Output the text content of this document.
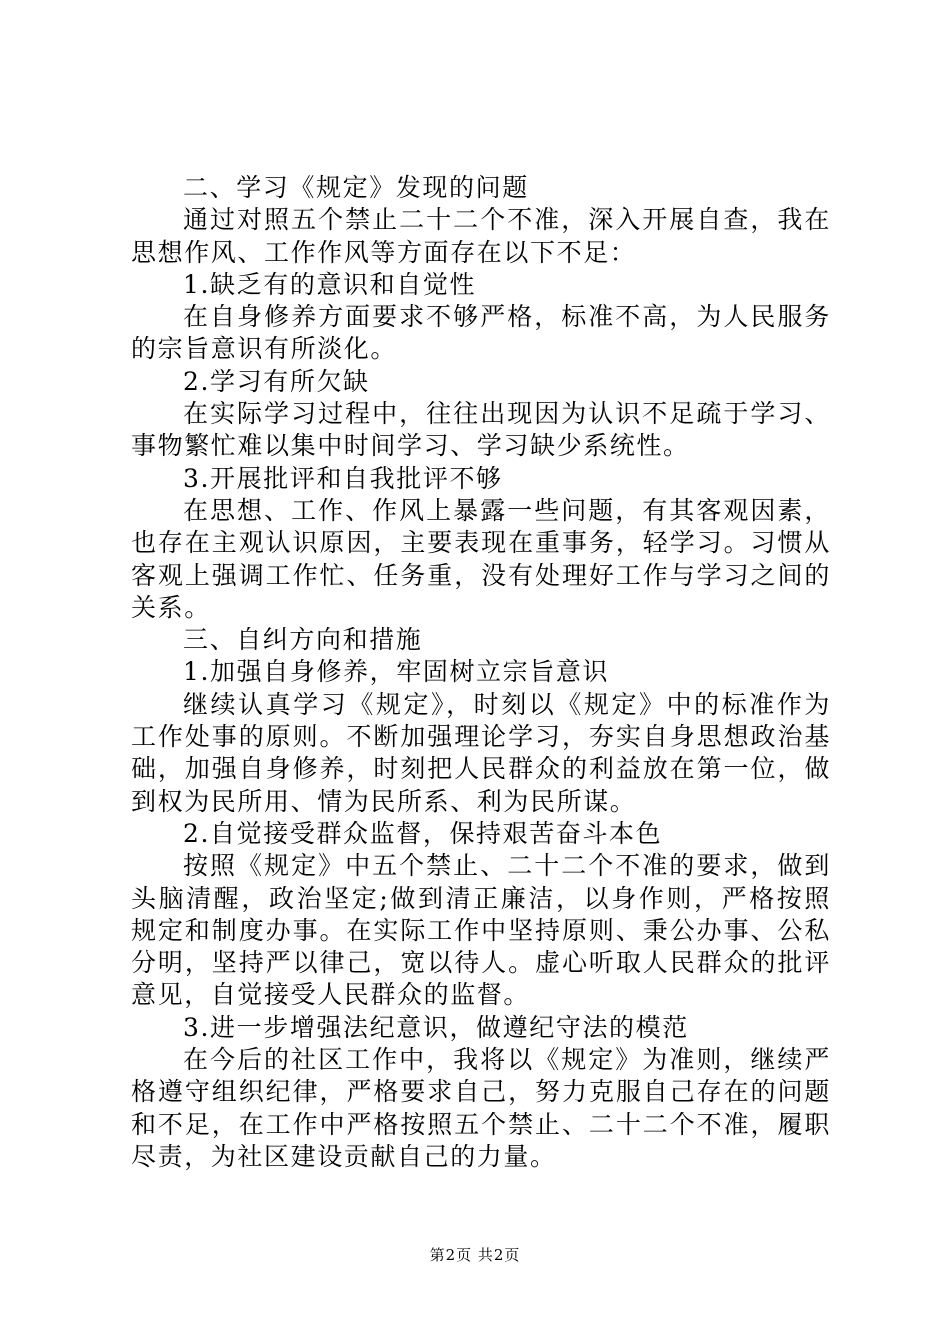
二、学习《规定》发现的问题

通过对照五个禁止二十二个不准，深入开展自查，我在思想作风、工作作风等方面存在以下不足：

1.缺乏有的意识和自觉性

在自身修养方面要求不够严格，标准不高，为人民服务的宗旨意识有所淡化。

2.学习有所欠缺

在实际学习过程中，往往出现因为认识不足疏于学习、事物繁忙难以集中时间学习、学习缺少系统性。

3.开展批评和自我批评不够

在思想、工作、作风上暴露一些问题，有其客观因素，也存在主观认识原因，主要表现在重事务，轻学习。习惯从客观上强调工作忙、任务重，没有处理好工作与学习之间的关系。

三、自纠方向和措施

1.加强自身修养，牢固树立宗旨意识

继续认真学习《规定》，时刻以《规定》中的标准作为工作处事的原则。不断加强理论学习，夯实自身思想政治基础，加强自身修养，时刻把人民群众的利益放在第一位，做到权为民所用、情为民所系、利为民所谋。

2.自觉接受群众监督，保持艰苦奋斗本色

按照《规定》中五个禁止、二十二个不准的要求，做到头脑清醒，政治坚定;做到清正廉洁，以身作则，严格按照规定和制度办事。在实际工作中坚持原则、秉公办事、公私分明，坚持严以律己，宽以待人。虚心听取人民群众的批评意见，自觉接受人民群众的监督。

3.进一步增强法纪意识，做遵纪守法的模范

在今后的社区工作中，我将以《规定》为准则，继续严格遵守组织纪律，严格要求自己，努力克服自己存在的问题和不足，在工作中严格按照五个禁止、二十二个不准，履职尽责，为社区建设贡献自己的力量。

第2页 共2页
